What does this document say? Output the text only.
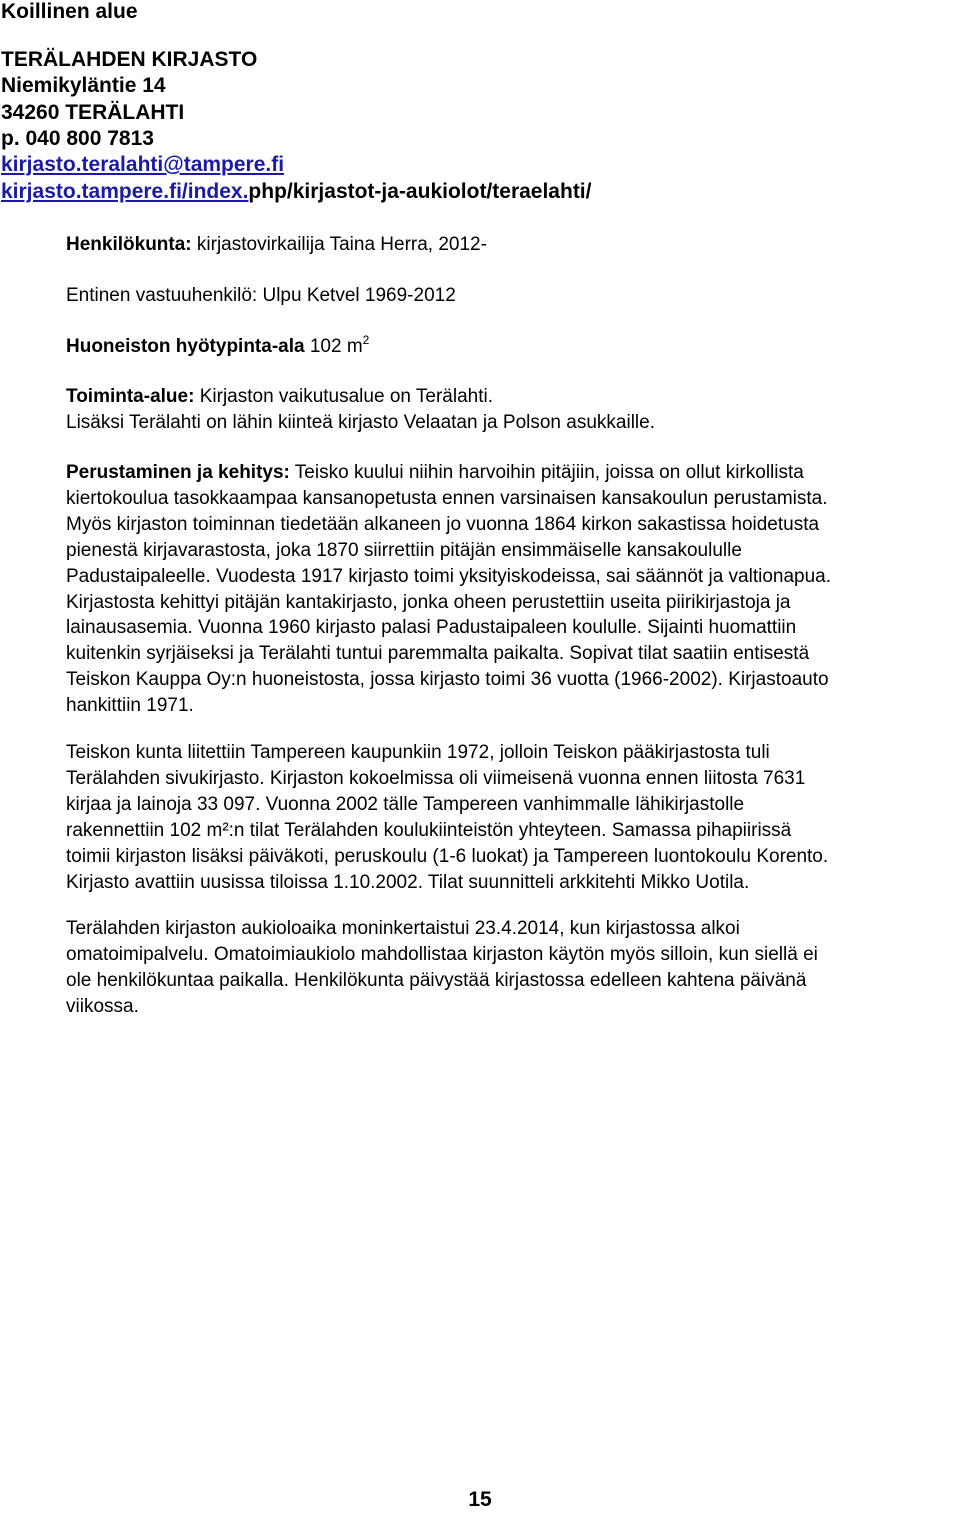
Koillinen alue
TERÄLAHDEN KIRJASTO
Niemikyläntie 14
34260 TERÄLAHTI
p. 040 800 7813
kirjasto.teralahti@tampere.fi
kirjasto.tampere.fi/index.php/kirjastot-ja-aukiolot/teraelahti/
Henkilökunta: kirjastovirkailija Taina Herra, 2012-
Entinen vastuuhenkilö: Ulpu Ketvel 1969-2012
Huoneiston hyötypinta-ala 102 $m^2$
Toiminta-alue: Kirjaston vaikutusalue on Terälahti.
Lisäksi Terälahti on lähin kiinteä kirjasto Velaatan ja Polson asukkaille.

Perustaminen ja kehitys: Teisko kuului niihin harvoihin pitäjiin, joissa on ollut kirkollista

kiertokoulua tasokkaampaa kansanopetusta ennen varsinaisen kansakoulun perustamista.

Myös kirjaston toiminnan tiedetään alkaneen jo vuonna 1864 kirkon sakastissa hoidetusta

pienestä kirjavarastosta, joka 1870 siirrettiin pitäjän ensimmäiselle kansakoululle

Padustaipaleelle. Vuodesta 1917 kirjasto toimi yksityiskodeissa, sai säännöt ja valtionapua.

Kirjastosta kehittyi pitäjän kantakirjasto, jonka oheen perustettiin useita piirikirjastoja ja

lainausasemia. Vuonna 1960 kirjasto palasi Padustaipaleen koululle. Sijainti huomattiin

kuitenkin syrjäiseksi ja Terälahti tuntui paremmalta paikalta. Sopivat tilat saatiin entisestä

Teiskon Kauppa Oy:n huoneistosta, jossa kirjasto toimi 36 vuotta (1966-2002). Kirjastoauto

hankittiin 1971.

Teiskon kunta liitettiin Tampereen kaupunkiin 1972, jolloin Teiskon pääkirjastosta tuli

Terälahden sivukirjasto. Kirjaston kokoelmissa oli viimeisenä vuonna ennen liitosta 7631

kirjaa ja lainoja 33 097. Vuonna 2002 tälle Tampereen vanhimmalle lähikirjastolle

rakennettiin 102 m²:n tilat Terälahden koulukiinteistön yhteyteen. Samassa pihapiirissä

toimii kirjaston lisäksi päiväkoti, peruskoulu (1-6 luokat) ja Tampereen luontokoulu Korento.

Kirjasto avattiin uusissa tiloissa 1.10.2002. Tilat suunnitteli arkkitehti Mikko Uotila.

Terälahden kirjaston aukioloaika moninkertaistui 23.4.2014, kun kirjastossa alkoi

omatoimipalvelu. Omatoimiaukiolo mahdollistaa kirjaston käytön myös silloin, kun siellä ei

ole henkilökuntaa paikalla. Henkilökunta päivystää kirjastossa edelleen kahtena päivänä

viikossa.

15
